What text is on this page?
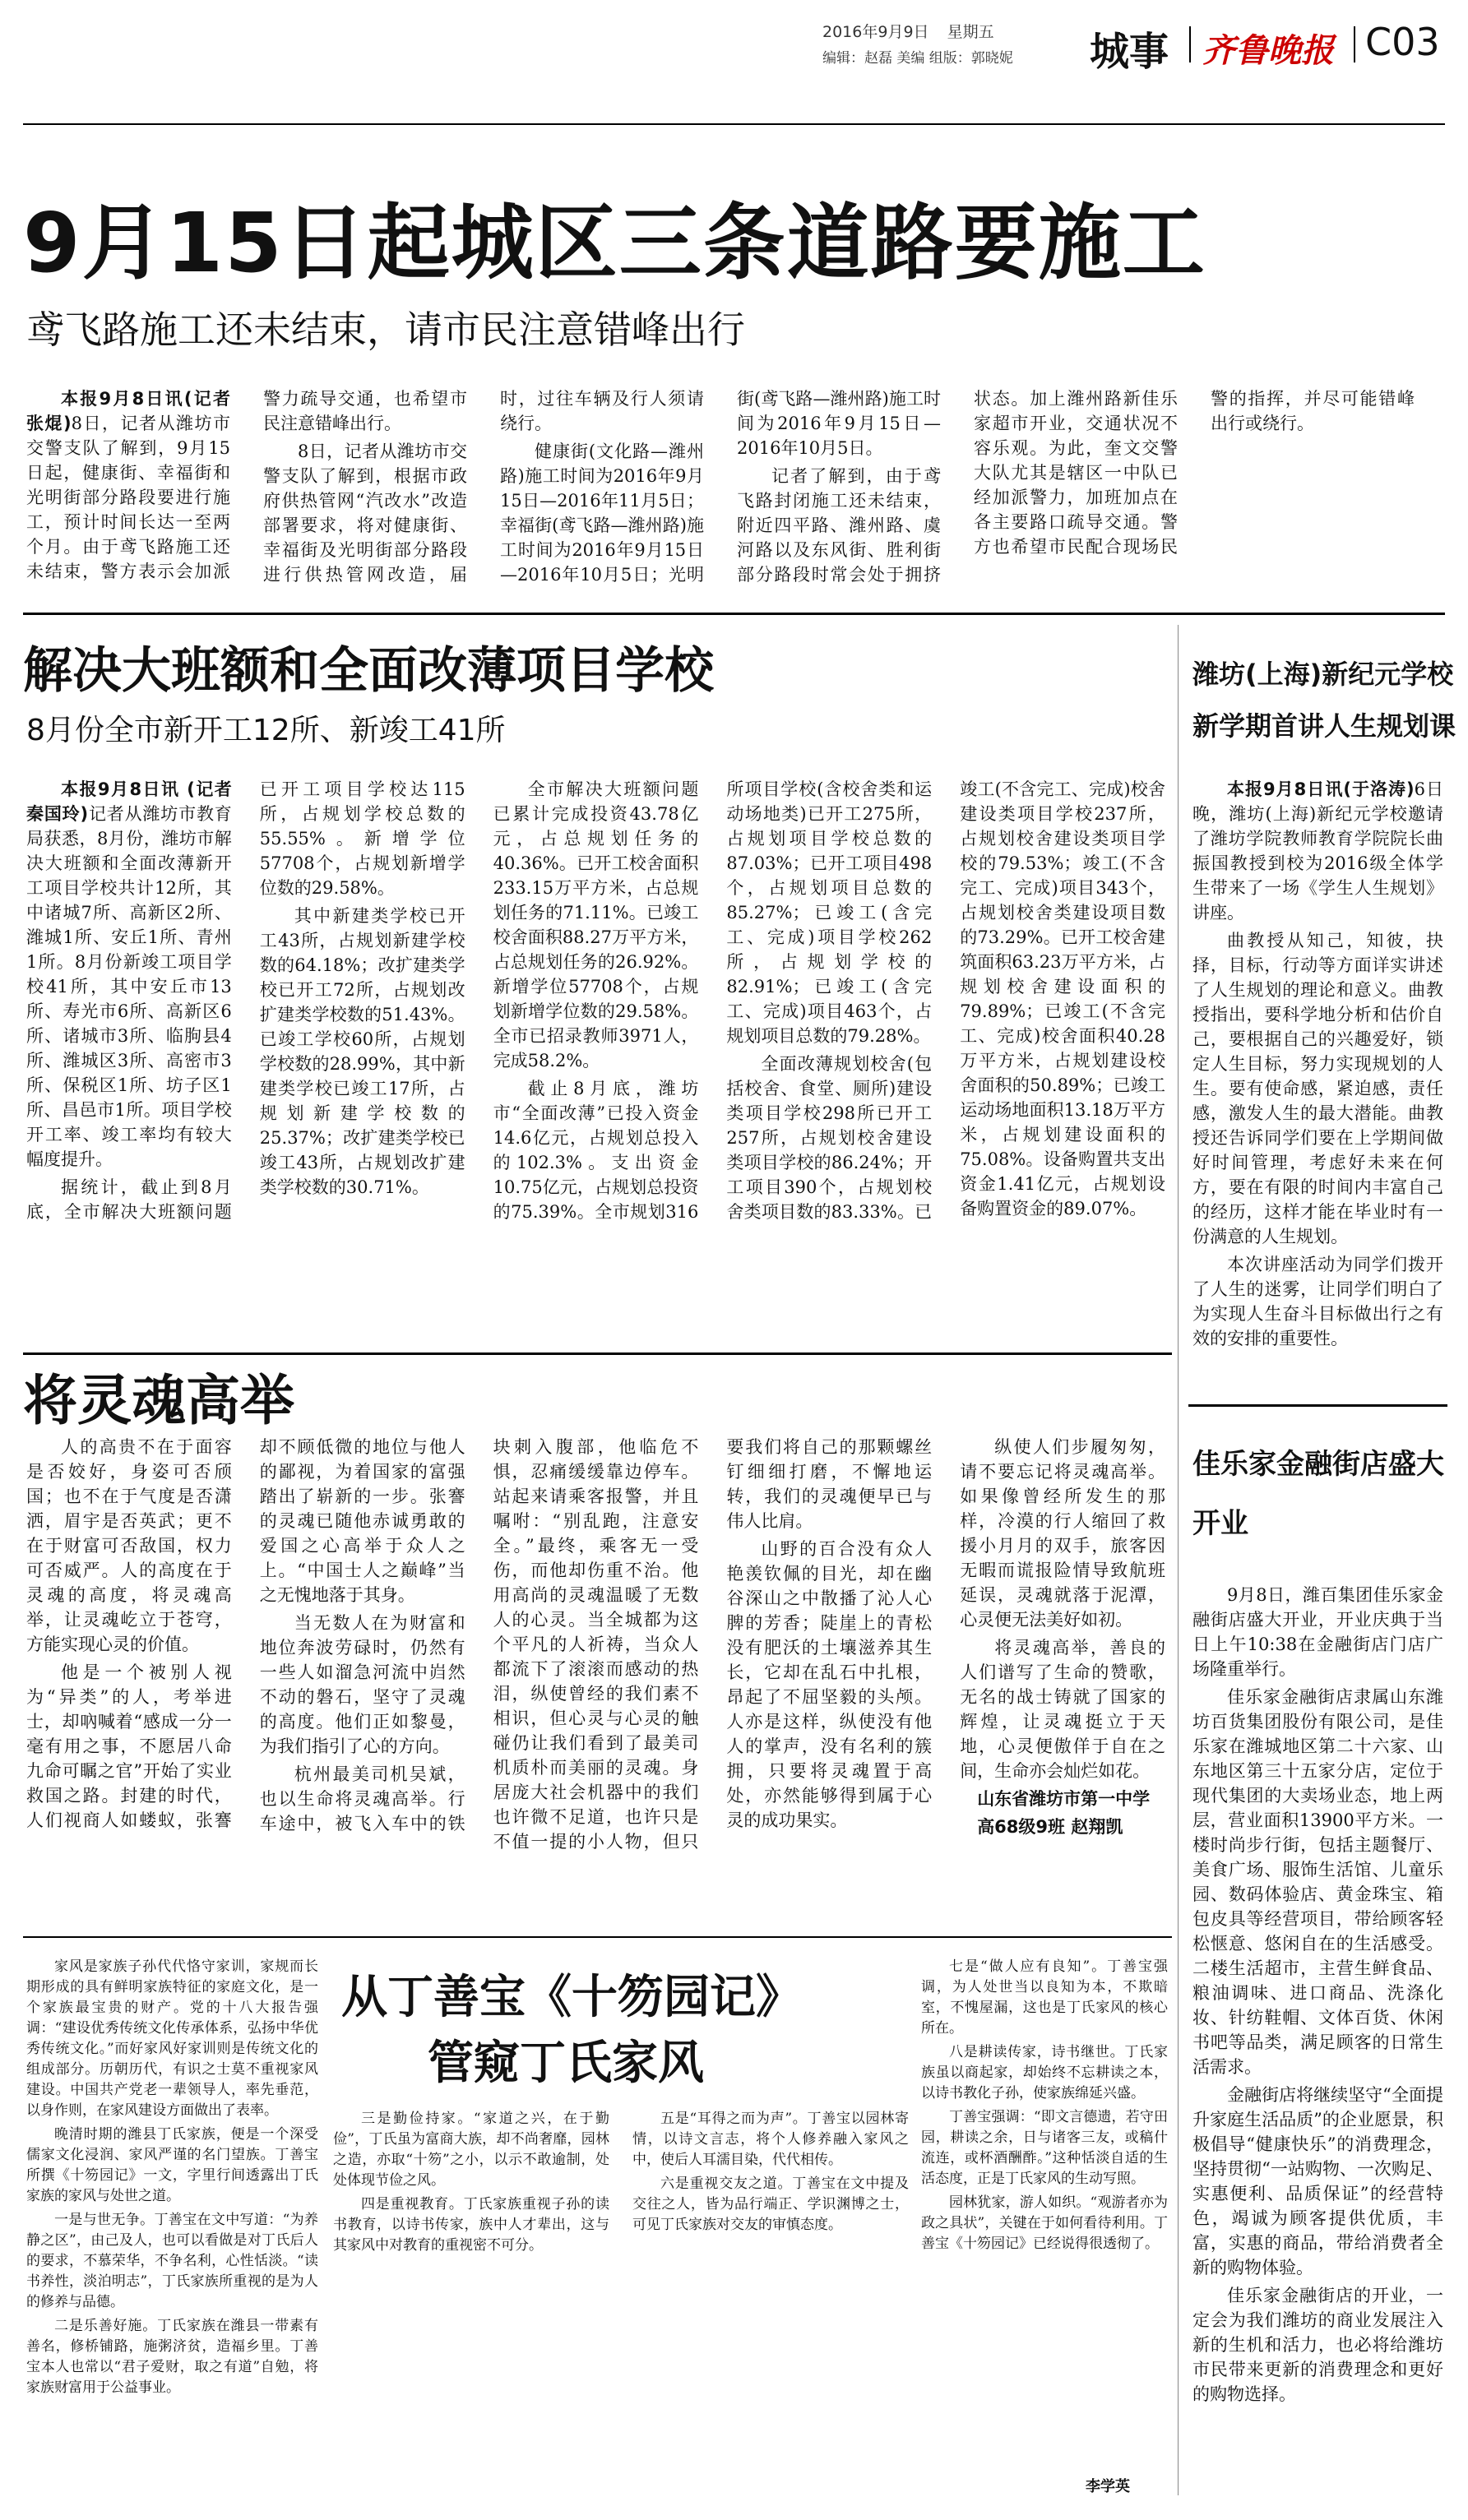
2016年9月9日 星期五
编辑：赵磊 美编 组版：郭晓妮 城事 齐鲁晚报 C03
9月15日起城区三条道路要施工
鸢飞路施工还未结束，请市民注意错峰出行

本报9月8日讯(记者 张焜)8日，记者从潍坊市交警支队了解到，9月15日起，健康街、幸福街和光明街部分路段要进行施工，预计时间长达一至两个月。由于鸢飞路施工还未结束，警方表示会加派警力疏导交通，也希望市民注意错峰出行。

8日，记者从潍坊市交警支队了解到，根据市政府供热管网“汽改水”改造部署要求，将对健康街、幸福街及光明街部分路段进行供热管网改造，届时，过往车辆及行人须请绕行。

健康街(文化路—潍州路)施工时间为2016年9月15日—2016年11月5日；幸福街(鸢飞路—潍州路)施工时间为2016年9月15日—2016年10月5日；光明街(鸢飞路—潍州路)施工时间为2016年9月15日—2016年10月5日。

记者了解到，由于鸢飞路封闭施工还未结束，附近四平路、潍州路、虞河路以及东风街、胜利街部分路段时常会处于拥挤状态。加上潍州路新佳乐家超市开业，交通状况不容乐观。为此，奎文交警大队尤其是辖区一中队已经加派警力，加班加点在各主要路口疏导交通。警方也希望市民配合现场民警的指挥，并尽可能错峰出行或绕行。

解决大班额和全面改薄项目学校
8月份全市新开工12所、新竣工41所

本报9月8日讯 (记者 秦国玲)记者从潍坊市教育局获悉，8月份，潍坊市解决大班额和全面改薄新开工项目学校共计12所，其中诸城7所、高新区2所、潍城1所、安丘1所、青州1所。8月份新竣工项目学校41所，其中安丘市13所、寿光市6所、高新区6所、诸城市3所、临朐县4所、潍城区3所、高密市3所、保税区1所、坊子区1所、昌邑市1所。项目学校开工率、竣工率均有较大幅度提升。

据统计，截止到8月底，全市解决大班额问题已开工项目学校达115所，占规划学校总数的55.55%。新增学位57708个，占规划新增学位数的29.58%。

其中新建类学校已开工43所，占规划新建学校数的64.18%；改扩建类学校已开工72所，占规划改扩建类学校数的51.43%。已竣工学校60所，占规划学校数的28.99%，其中新建类学校已竣工17所，占规划新建学校数的25.37%；改扩建类学校已竣工43所，占规划改扩建类学校数的30.71%。

全市解决大班额问题已累计完成投资43.78亿元，占总规划任务的40.36%。已开工校舍面积233.15万平方米，占总规划任务的71.11%。已竣工校舍面积88.27万平方米，占总规划任务的26.92%。新增学位57708个，占规划新增学位数的29.58%。全市已招录教师3971人，完成58.2%。

截止8月底，潍坊市“全面改薄”已投入资金14.6亿元，占规划总投入的102.3%。支出资金10.75亿元，占规划总投资的75.39%。全市规划316所项目学校(含校舍类和运动场地类)已开工275所，占规划项目学校总数的87.03%；已开工项目498个，占规划项目总数的85.27%；已竣工(含完工、完成)项目学校262所，占规划学校的82.91%；已竣工(含完工、完成)项目463个，占规划项目总数的79.28%。

全面改薄规划校舍(包括校舍、食堂、厕所)建设类项目学校298所已开工257所，占规划校舍建设类项目学校的86.24%；开工项目390个，占规划校舍类项目数的83.33%。已竣工(不含完工、完成)校舍建设类项目学校237所，占规划校舍建设类项目学校的79.53%；竣工(不含完工、完成)项目343个，占规划校舍类建设项目数的73.29%。已开工校舍建筑面积63.23万平方米，占规划校舍建设面积的79.89%；已竣工(不含完工、完成)校舍面积40.28万平方米，占规划建设校舍面积的50.89%；已竣工运动场地面积13.18万平方米，占规划建设面积的75.08%。设备购置共支出资金1.41亿元，占规划设备购置资金的89.07%。

潍坊(上海)新纪元学校
新学期首讲人生规划课

本报9月8日讯(于洛涛)6日晚，潍坊(上海)新纪元学校邀请了潍坊学院教师教育学院院长曲振国教授到校为2016级全体学生带来了一场《学生人生规划》讲座。

曲教授从知己，知彼，抉择，目标，行动等方面详实讲述了人生规划的理论和意义。曲教授指出，要科学地分析和估价自己，要根据自己的兴趣爱好，锁定人生目标，努力实现规划的人生。要有使命感，紧迫感，责任感，激发人生的最大潜能。曲教授还告诉同学们要在上学期间做好时间管理，考虑好未来在何方，要在有限的时间内丰富自己的经历，这样才能在毕业时有一份满意的人生规划。

本次讲座活动为同学们拨开了人生的迷雾，让同学们明白了为实现人生奋斗目标做出行之有效的安排的重要性。

将灵魂高举

人的高贵不在于面容是否姣好，身姿可否颀国；也不在于气度是否潇洒，眉宇是否英武；更不在于财富可否敌国，权力可否威严。人的高度在于灵魂的高度，将灵魂高举，让灵魂屹立于苍穹，方能实现心灵的价值。

他是一个被别人视为“异类”的人，考举进士，却吶喊着“感成一分一毫有用之事，不愿居八命九命可瞩之官”开始了实业救国之路。封建的时代，人们视商人如蝼蚁，张謇却不顾低微的地位与他人的鄙视，为着国家的富强踏出了崭新的一步。张謇的灵魂已随他赤诚勇敢的爱国之心高举于众人之上。“中国士人之巅峰”当之无愧地落于其身。

当无数人在为财富和地位奔波劳碌时，仍然有一些人如溜急河流中岿然不动的磐石，坚守了灵魂的高度。他们正如黎曼，为我们指引了心的方向。

杭州最美司机吴斌，也以生命将灵魂高举。行车途中，被飞入车中的铁块刺入腹部，他临危不惧，忍痛缓缓靠边停车。站起来请乘客报警，并且嘱咐：“别乱跑，注意安全。”最终，乘客无一受伤，而他却伤重不治。他用高尚的灵魂温暖了无数人的心灵。当全城都为这个平凡的人祈祷，当众人都流下了滚滚而感动的热泪，纵使曾经的我们素不相识，但心灵与心灵的触碰仍让我们看到了最美司机质朴而美丽的灵魂。身居庞大社会机器中的我们也许微不足道，也许只是不值一提的小人物，但只要我们将自己的那颗螺丝钉细细打磨，不懈地运转，我们的灵魂便早已与伟人比肩。

山野的百合没有众人艳羡钦佩的目光，却在幽谷深山之中散播了沁人心脾的芳香；陡崖上的青松没有肥沃的土壤滋养其生长，它却在乱石中扎根，昂起了不屈坚毅的头颅。人亦是这样，纵使没有他人的掌声，没有名利的簇拥，只要将灵魂置于高处，亦然能够得到属于心灵的成功果实。

纵使人们步履匆匆，请不要忘记将灵魂高举。如果像曾经所发生的那样，冷漠的行人缩回了救援小月月的双手，旅客因无暇而谎报险情导致航班延误，灵魂就落于泥潭，心灵便无法美好如初。

将灵魂高举，善良的人们谱写了生命的赞歌，无名的战士铸就了国家的辉煌，让灵魂挺立于天地，心灵便傲佯于自在之间，生命亦会灿烂如花。

山东省潍坊市第一中学

高68级9班 赵翔凯

佳乐家金融街店盛大开业

9月8日，潍百集团佳乐家金融街店盛大开业，开业庆典于当日上午10:38在金融街店门店广场隆重举行。

佳乐家金融街店隶属山东潍坊百货集团股份有限公司，是佳乐家在潍城地区第二十六家、山东地区第三十五家分店，定位于现代集团的大卖场业态，地上两层，营业面积13900平方米。一楼时尚步行街，包括主题餐厅、美食广场、服饰生活馆、儿童乐园、数码体验店、黄金珠宝、箱包皮具等经营项目，带给顾客轻松惬意、悠闲自在的生活感受。二楼生活超市，主营生鲜食品、粮油调味、进口商品、洗涤化妆、针纺鞋帽、文体百货、休闲书吧等品类，满足顾客的日常生活需求。

金融街店将继续坚守“全面提升家庭生活品质”的企业愿景，积极倡导“健康快乐”的消费理念，坚持贯彻“一站购物、一次购足、实惠便利、品质保证”的经营特色，竭诚为顾客提供优质，丰富，实惠的商品，带给消费者全新的购物体验。

佳乐家金融街店的开业，一定会为我们潍坊的商业发展注入新的生机和活力，也必将给潍坊市民带来更新的消费理念和更好的购物选择。

从丁善宝《十笏园记》
管窥丁氏家风

家风是家族子孙代代恪守家训，家规而长期形成的具有鲜明家族特征的家庭文化，是一个家族最宝贵的财产。党的十八大报告强调：“建设优秀传统文化传承体系，弘扬中华优秀传统文化。”而好家风好家训则是传统文化的组成部分。历朝历代，有识之士莫不重视家风建设。中国共产党老一辈领导人，率先垂范，以身作则，在家风建设方面做出了表率。

晚清时期的潍县丁氏家族，便是一个深受儒家文化浸润、家风严谨的名门望族。丁善宝所撰《十笏园记》一文，字里行间透露出丁氏家族的家风与处世之道。

一是与世无争。丁善宝在文中写道：“为养静之区”，由己及人，也可以看做是对丁氏后人的要求，不慕荣华，不争名利，心性恬淡。“读书养性，淡泊明志”，丁氏家族所重视的是为人的修养与品德。

二是乐善好施。丁氏家族在潍县一带素有善名，修桥铺路，施粥济贫，造福乡里。丁善宝本人也常以“君子爱财，取之有道”自勉，将家族财富用于公益事业。

三是勤俭持家。“家道之兴，在于勤俭”，丁氏虽为富商大族，却不尚奢靡，园林之造，亦取“十笏”之小，以示不敢逾制，处处体现节俭之风。

四是重视教育。丁氏家族重视子孙的读书教育，以诗书传家，族中人才辈出，这与其家风中对教育的重视密不可分。

五是“耳得之而为声”。丁善宝以园林寄情，以诗文言志，将个人修养融入家风之中，使后人耳濡目染，代代相传。

六是重视交友之道。丁善宝在文中提及交往之人，皆为品行端正、学识渊博之士，可见丁氏家族对交友的审慎态度。

七是“做人应有良知”。丁善宝强调，为人处世当以良知为本，不欺暗室，不愧屋漏，这也是丁氏家风的核心所在。

八是耕读传家，诗书继世。丁氏家族虽以商起家，却始终不忘耕读之本，以诗书教化子孙，使家族绵延兴盛。

丁善宝强调：“即文言德遗，若守田园，耕读之余，日与诸客三友，或稿什流连，或杯酒酬酢。”这种恬淡自适的生活态度，正是丁氏家风的生动写照。

园林犹家，游人如织。“观游者亦为政之具状”，关键在于如何看待利用。丁善宝《十笏园记》已经说得很透彻了。

李学英
